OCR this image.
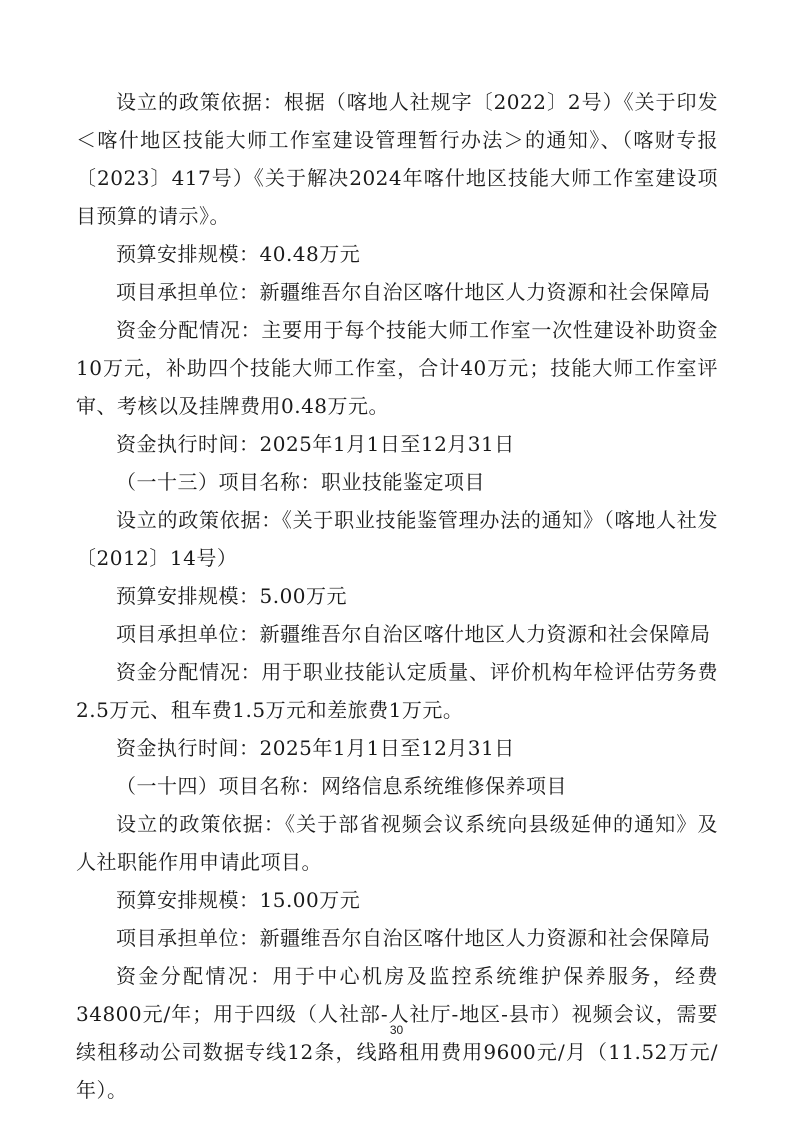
设立的政策依据：根据（喀地人社规字〔2022〕2号）《关于印发＜喀什地区技能大师工作室建设管理暂行办法＞的通知》、（喀财专报〔2023〕417号）《关于解决2024年喀什地区技能大师工作室建设项目预算的请示》。

预算安排规模：40.48万元

项目承担单位：新疆维吾尔自治区喀什地区人力资源和社会保障局

资金分配情况：主要用于每个技能大师工作室一次性建设补助资金10万元，补助四个技能大师工作室，合计40万元；技能大师工作室评审、考核以及挂牌费用0.48万元。

资金执行时间：2025年1月1日至12月31日

（一十三）项目名称：职业技能鉴定项目

设立的政策依据：《关于职业技能鉴管理办法的通知》（喀地人社发〔2012〕14号）

预算安排规模：5.00万元

项目承担单位：新疆维吾尔自治区喀什地区人力资源和社会保障局

资金分配情况：用于职业技能认定质量、评价机构年检评估劳务费2.5万元、租车费1.5万元和差旅费1万元。

资金执行时间：2025年1月1日至12月31日

（一十四）项目名称：网络信息系统维修保养项目

设立的政策依据：《关于部省视频会议系统向县级延伸的通知》及人社职能作用申请此项目。

预算安排规模：15.00万元

项目承担单位：新疆维吾尔自治区喀什地区人力资源和社会保障局

资金分配情况：用于中心机房及监控系统维护保养服务，经费34800元/年；用于四级（人社部-人社厅-地区-县市）视频会议，需要续租移动公司数据专线12条，线路租用费用9600元/月（11.52万元/年）。

30
